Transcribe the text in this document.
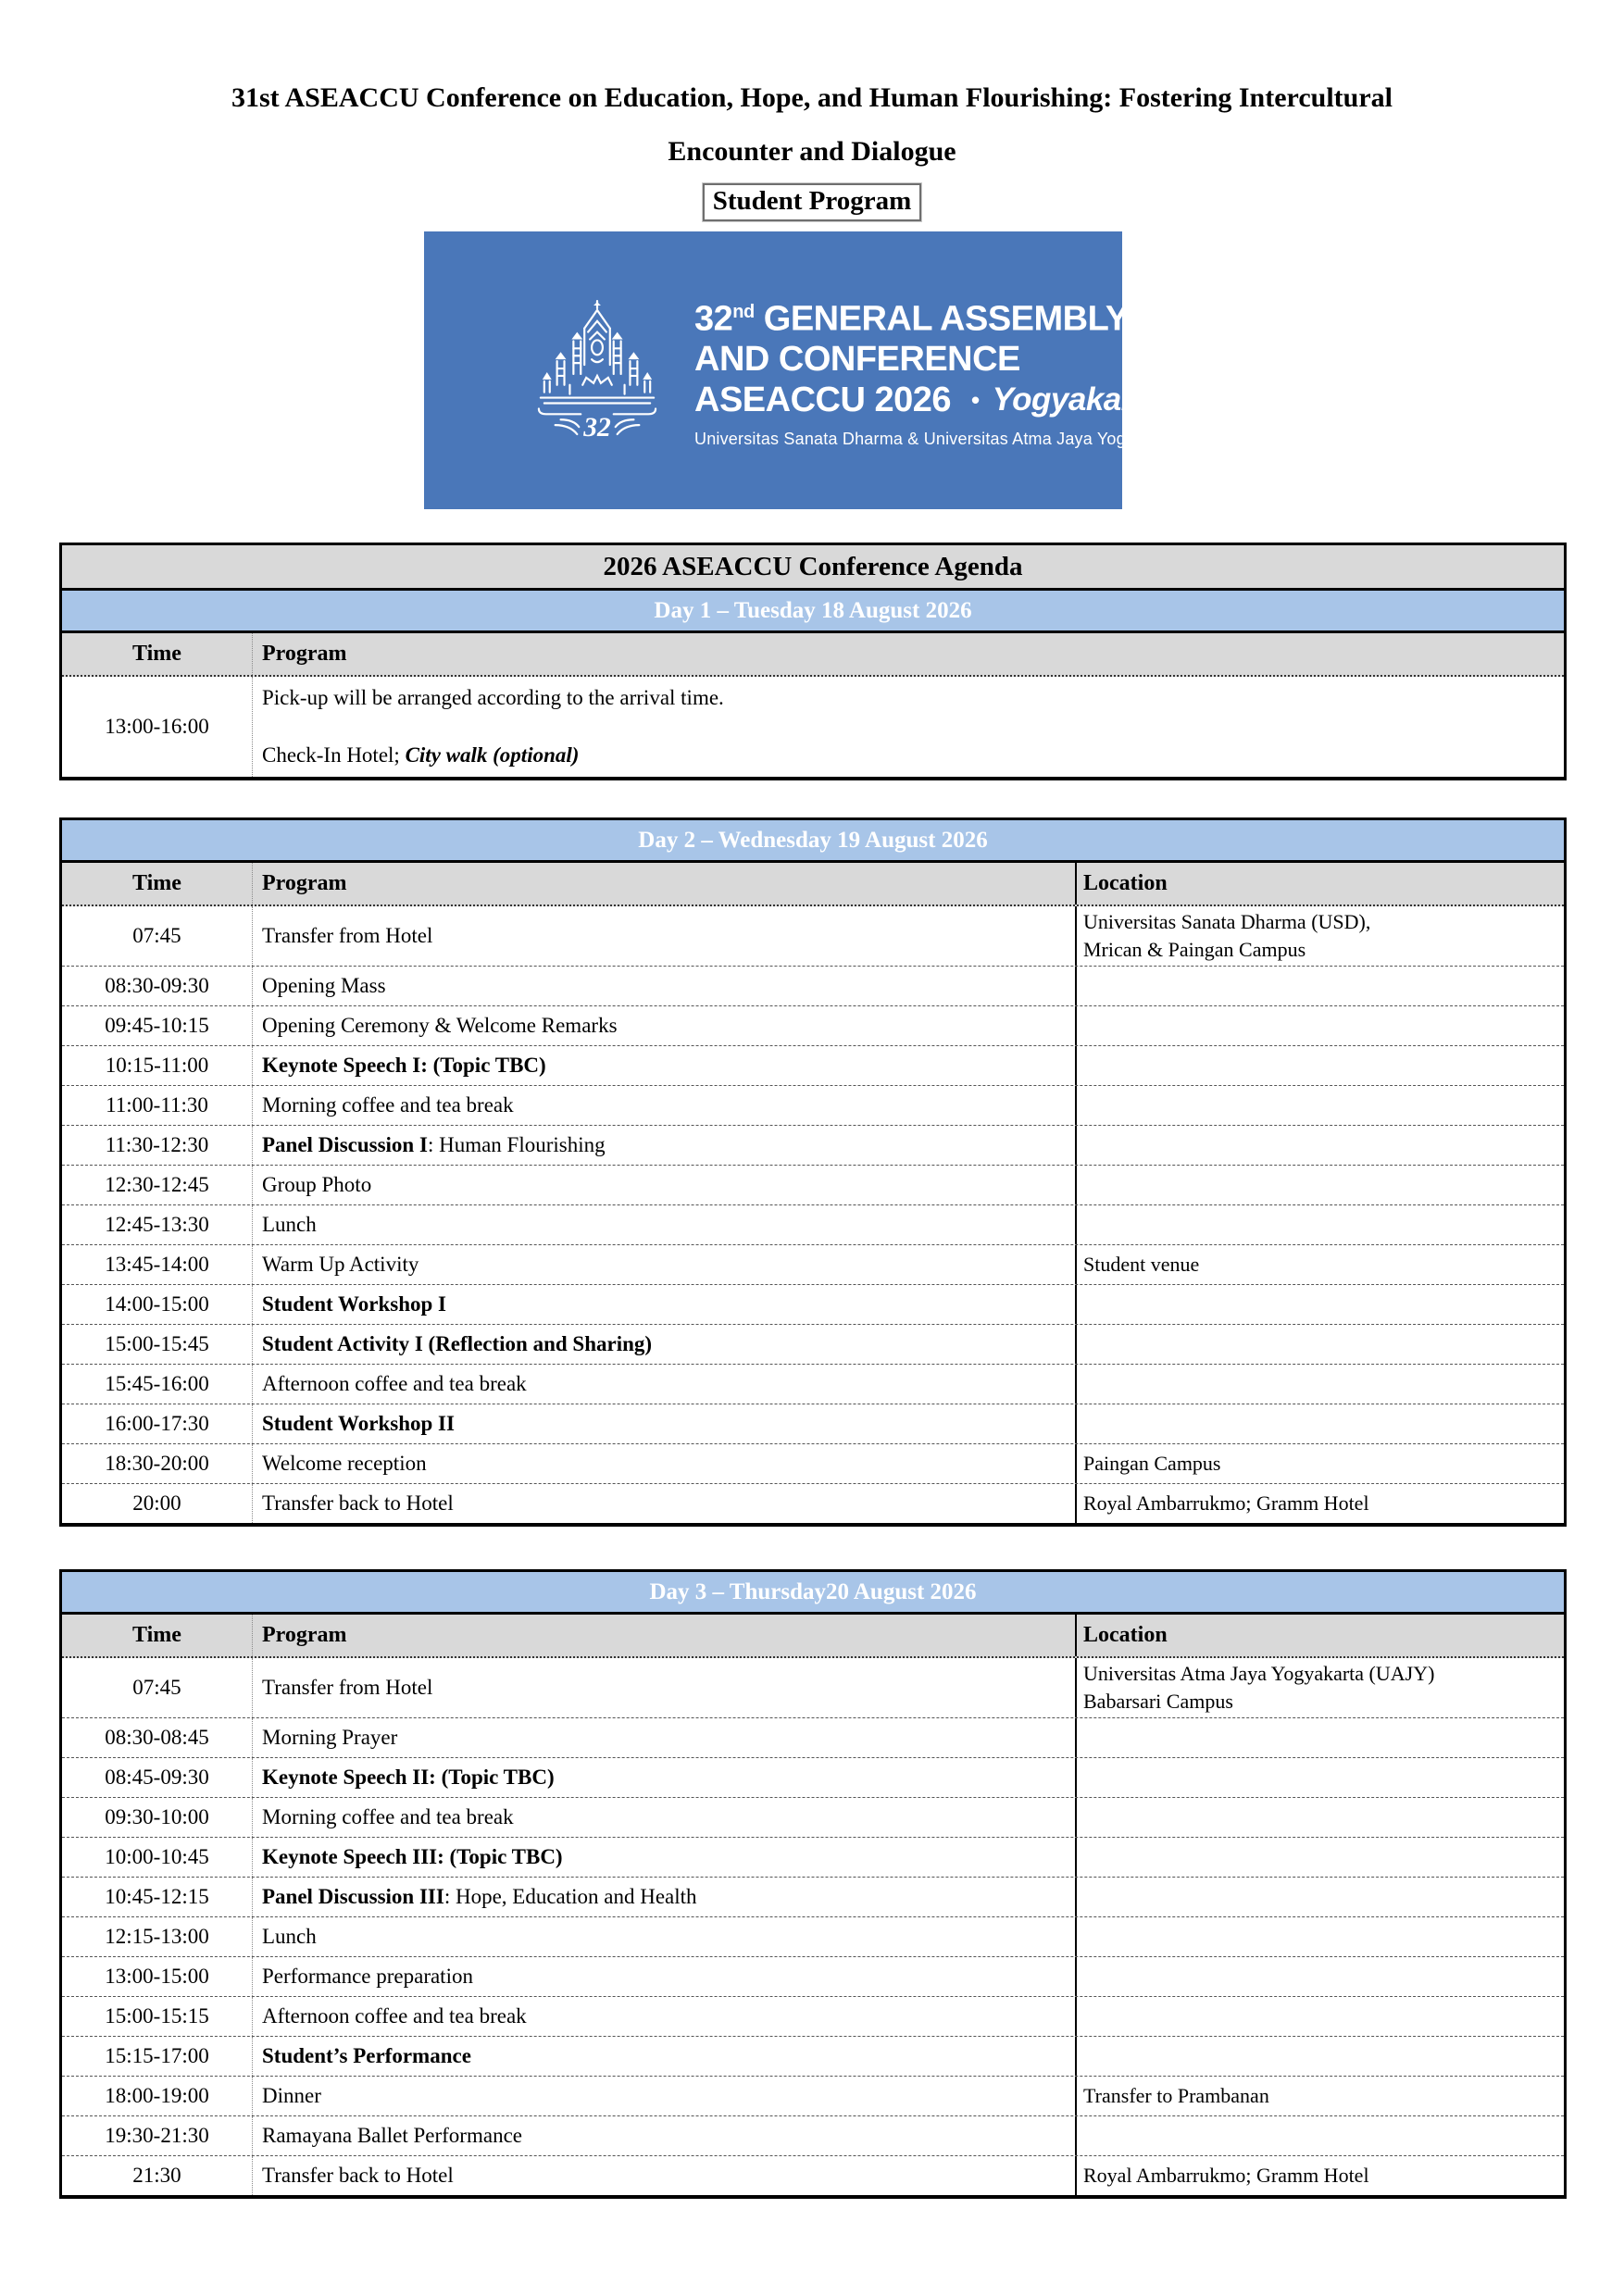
31st ASEACCU Conference on Education, Hope, and Human Flourishing: Fostering Intercultural
Encounter and Dialogue
Student Program
32
32nd GENERAL ASSEMBLY
AND CONFERENCE
ASEACCU 2026 • Yogyakarta
Universitas Sanata Dharma & Universitas Atma Jaya Yogyakarta
2026 ASEACCU Conference Agenda
Day 1 – Tuesday 18 August 2026
Time	Program
13:00-16:00
Pick-up will be arranged according to the arrival time.
Check-In Hotel; City walk (optional)
Day 2 – Wednesday 19 August 2026
Time	Program	Location
07:45	Transfer from Hotel
Universitas Sanata Dharma (USD),
Mrican & Paingan Campus
08:30-09:30	Opening Mass
09:45-10:15	Opening Ceremony & Welcome Remarks
10:15-11:00	Keynote Speech I: (Topic TBC)
11:00-11:30	Morning coffee and tea break
11:30-12:30	Panel Discussion I: Human Flourishing
12:30-12:45	Group Photo
12:45-13:30	Lunch
13:45-14:00	Warm Up Activity	Student venue
14:00-15:00	Student Workshop I
15:00-15:45	Student Activity I (Reflection and Sharing)
15:45-16:00	Afternoon coffee and tea break
16:00-17:30	Student Workshop II
18:30-20:00	Welcome reception	Paingan Campus
20:00	Transfer back to Hotel	Royal Ambarrukmo; Gramm Hotel
Day 3 – Thursday20 August 2026
Time	Program	Location
07:45	Transfer from Hotel
Universitas Atma Jaya Yogyakarta (UAJY)
Babarsari Campus
08:30-08:45	Morning Prayer
08:45-09:30	Keynote Speech II: (Topic TBC)
09:30-10:00	Morning coffee and tea break
10:00-10:45	Keynote Speech III: (Topic TBC)
10:45-12:15	Panel Discussion III: Hope, Education and Health
12:15-13:00	Lunch
13:00-15:00	Performance preparation
15:00-15:15	Afternoon coffee and tea break
15:15-17:00	Student’s Performance
18:00-19:00	Dinner	Transfer to Prambanan
19:30-21:30	Ramayana Ballet Performance
21:30	Transfer back to Hotel	Royal Ambarrukmo; Gramm Hotel
